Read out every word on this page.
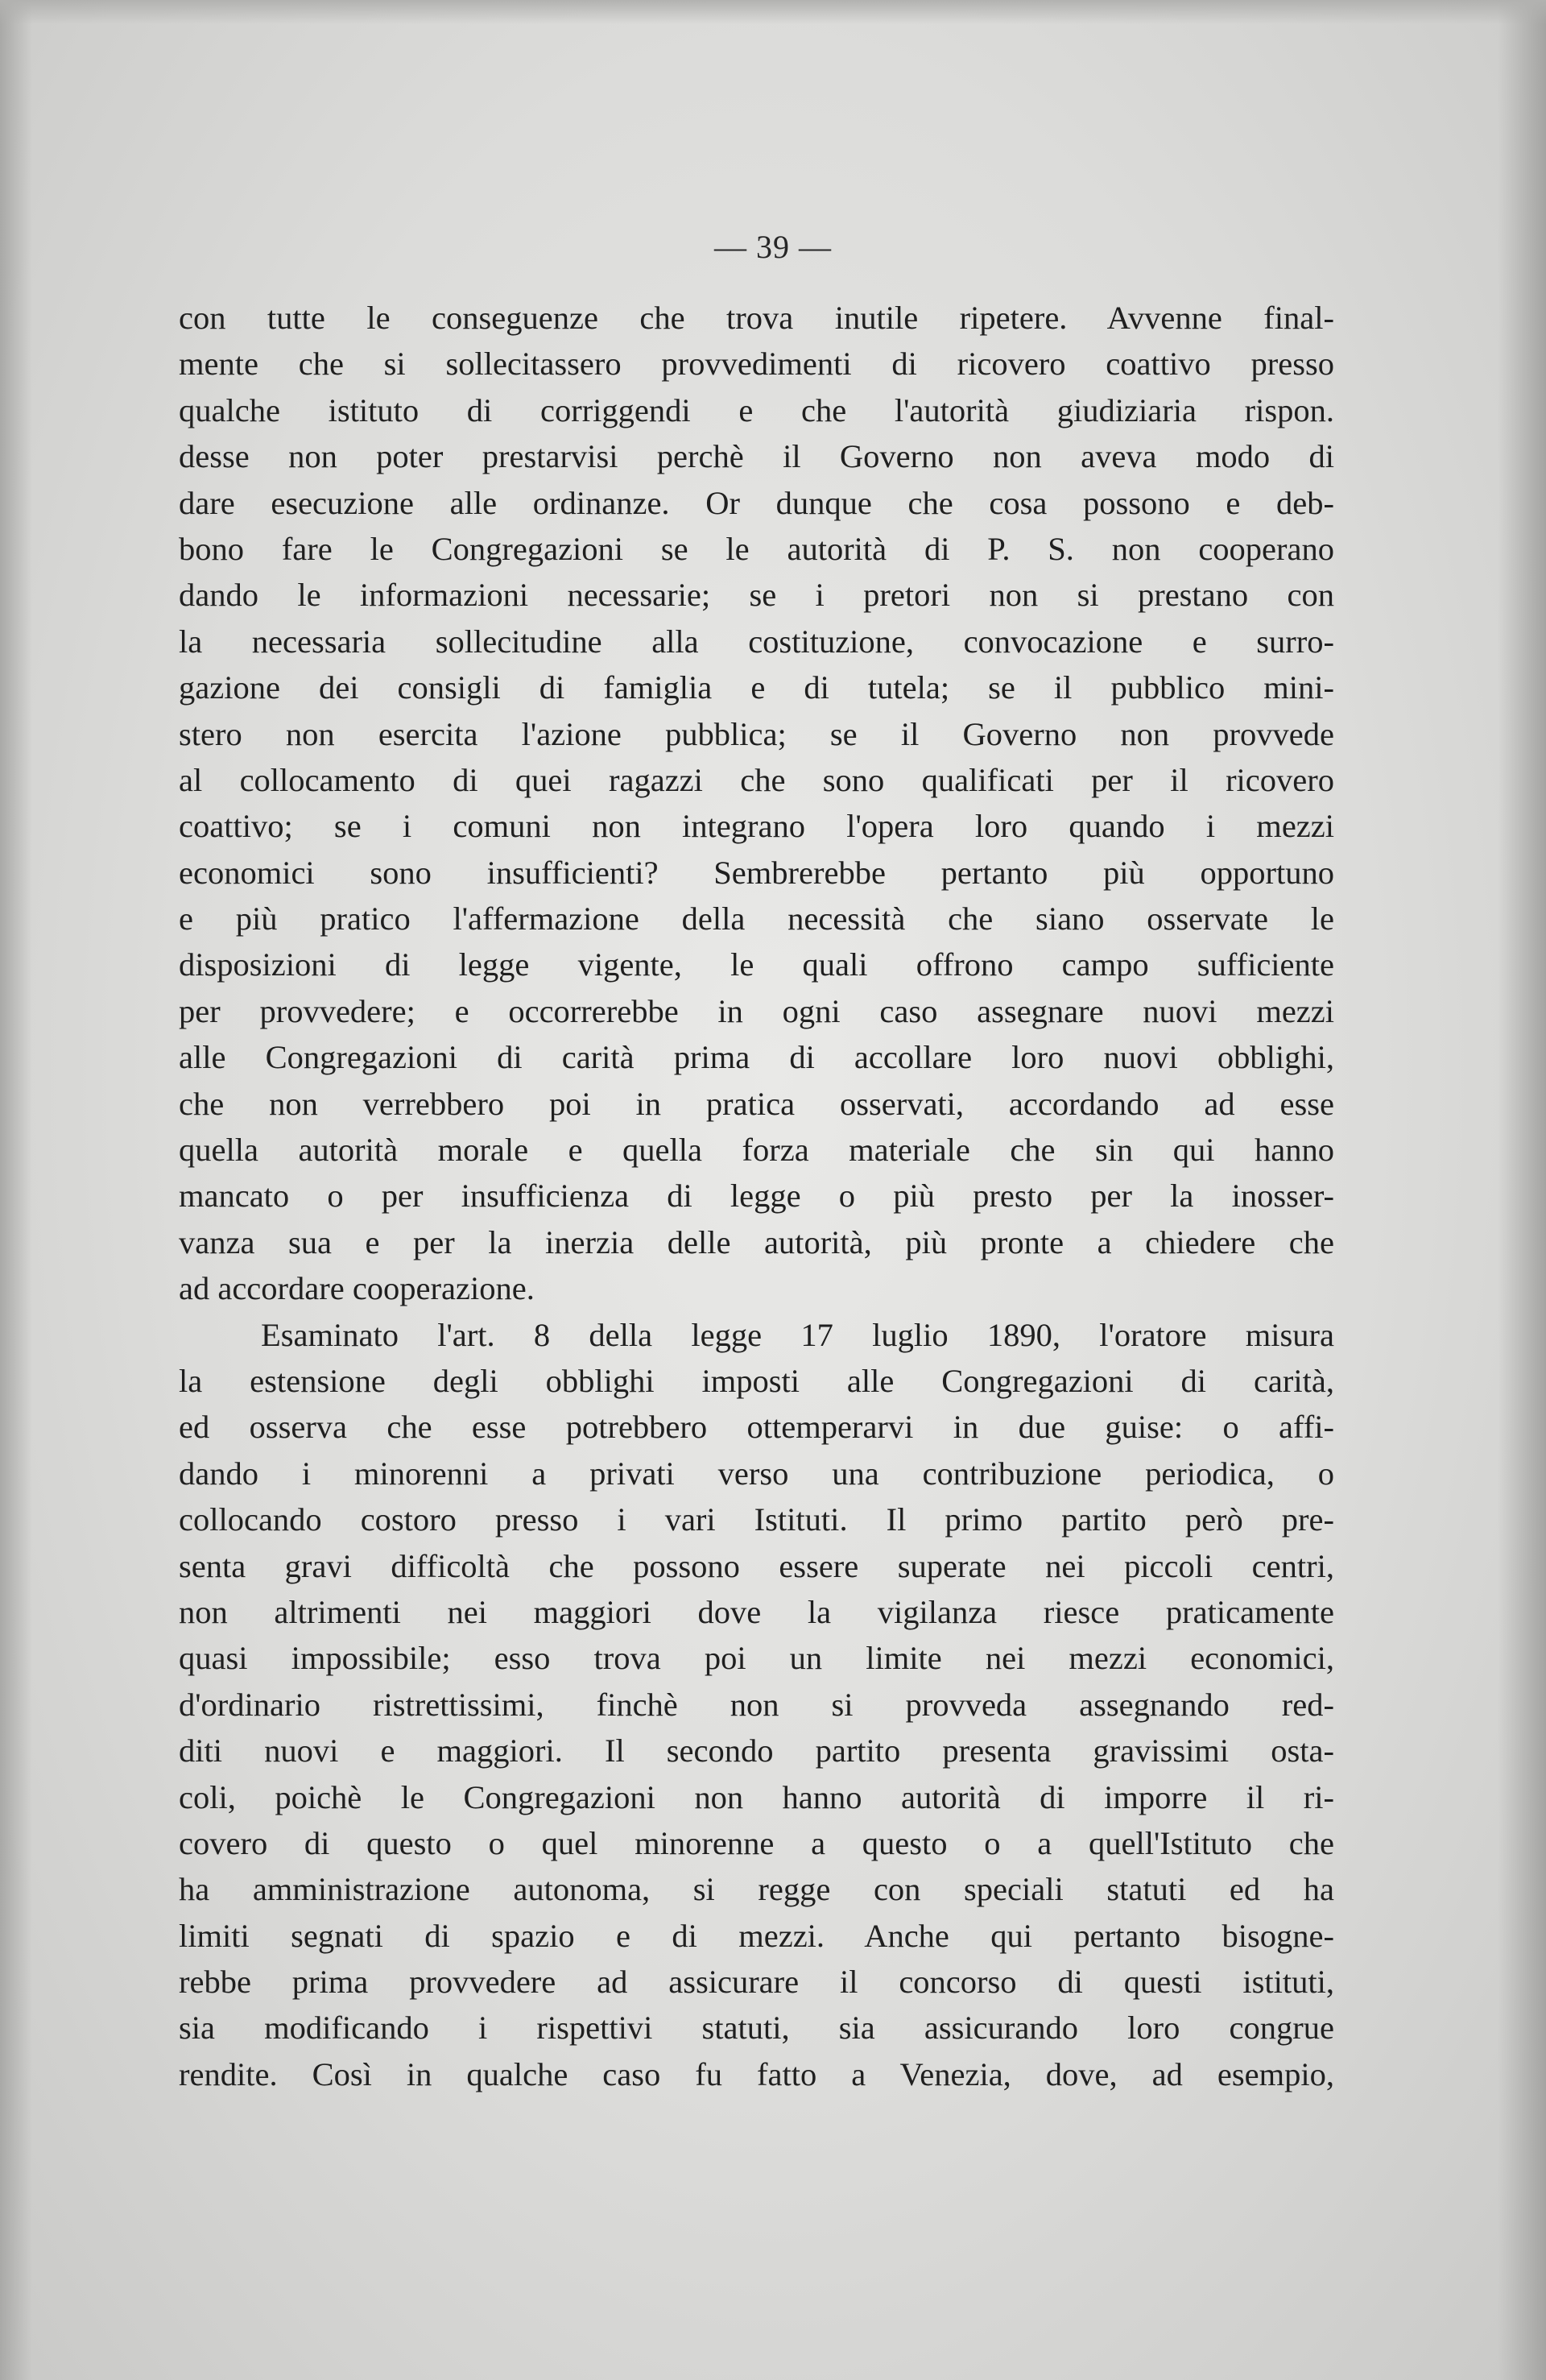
— 39 —
con tutte le conseguenze che trova inutile ripetere. Avvenne final-
mente che si sollecitassero provvedimenti di ricovero coattivo presso
qualche istituto di corriggendi e che l'autorità giudiziaria rispon.
desse non poter prestarvisi perchè il Governo non aveva modo di
dare esecuzione alle ordinanze. Or dunque che cosa possono e deb-
bono fare le Congregazioni se le autorità di P. S. non cooperano
dando le informazioni necessarie; se i pretori non si prestano con
la necessaria sollecitudine alla costituzione, convocazione e surro-
gazione dei consigli di famiglia e di tutela; se il pubblico mini-
stero non esercita l'azione pubblica; se il Governo non provvede
al collocamento di quei ragazzi che sono qualificati per il ricovero
coattivo; se i comuni non integrano l'opera loro quando i mezzi
economici sono insufficienti? Sembrerebbe pertanto più opportuno
e più pratico l'affermazione della necessità che siano osservate le
disposizioni di legge vigente, le quali offrono campo sufficiente
per provvedere; e occorrerebbe in ogni caso assegnare nuovi mezzi
alle Congregazioni di carità prima di accollare loro nuovi obblighi,
che non verrebbero poi in pratica osservati, accordando ad esse
quella autorità morale e quella forza materiale che sin qui hanno
mancato o per insufficienza di legge o più presto per la inosser-
vanza sua e per la inerzia delle autorità, più pronte a chiedere che
ad accordare cooperazione.
Esaminato l'art. 8 della legge 17 luglio 1890, l'oratore misura
la estensione degli obblighi imposti alle Congregazioni di carità,
ed osserva che esse potrebbero ottemperarvi in due guise: o affi-
dando i minorenni a privati verso una contribuzione periodica, o
collocando costoro presso i vari Istituti. Il primo partito però pre-
senta gravi difficoltà che possono essere superate nei piccoli centri,
non altrimenti nei maggiori dove la vigilanza riesce praticamente
quasi impossibile; esso trova poi un limite nei mezzi economici,
d'ordinario ristrettissimi, finchè non si provveda assegnando red-
diti nuovi e maggiori. Il secondo partito presenta gravissimi osta-
coli, poichè le Congregazioni non hanno autorità di imporre il ri-
covero di questo o quel minorenne a questo o a quell'Istituto che
ha amministrazione autonoma, si regge con speciali statuti ed ha
limiti segnati di spazio e di mezzi. Anche qui pertanto bisogne-
rebbe prima provvedere ad assicurare il concorso di questi istituti,
sia modificando i rispettivi statuti, sia assicurando loro congrue
rendite. Così in qualche caso fu fatto a Venezia, dove, ad esempio,
